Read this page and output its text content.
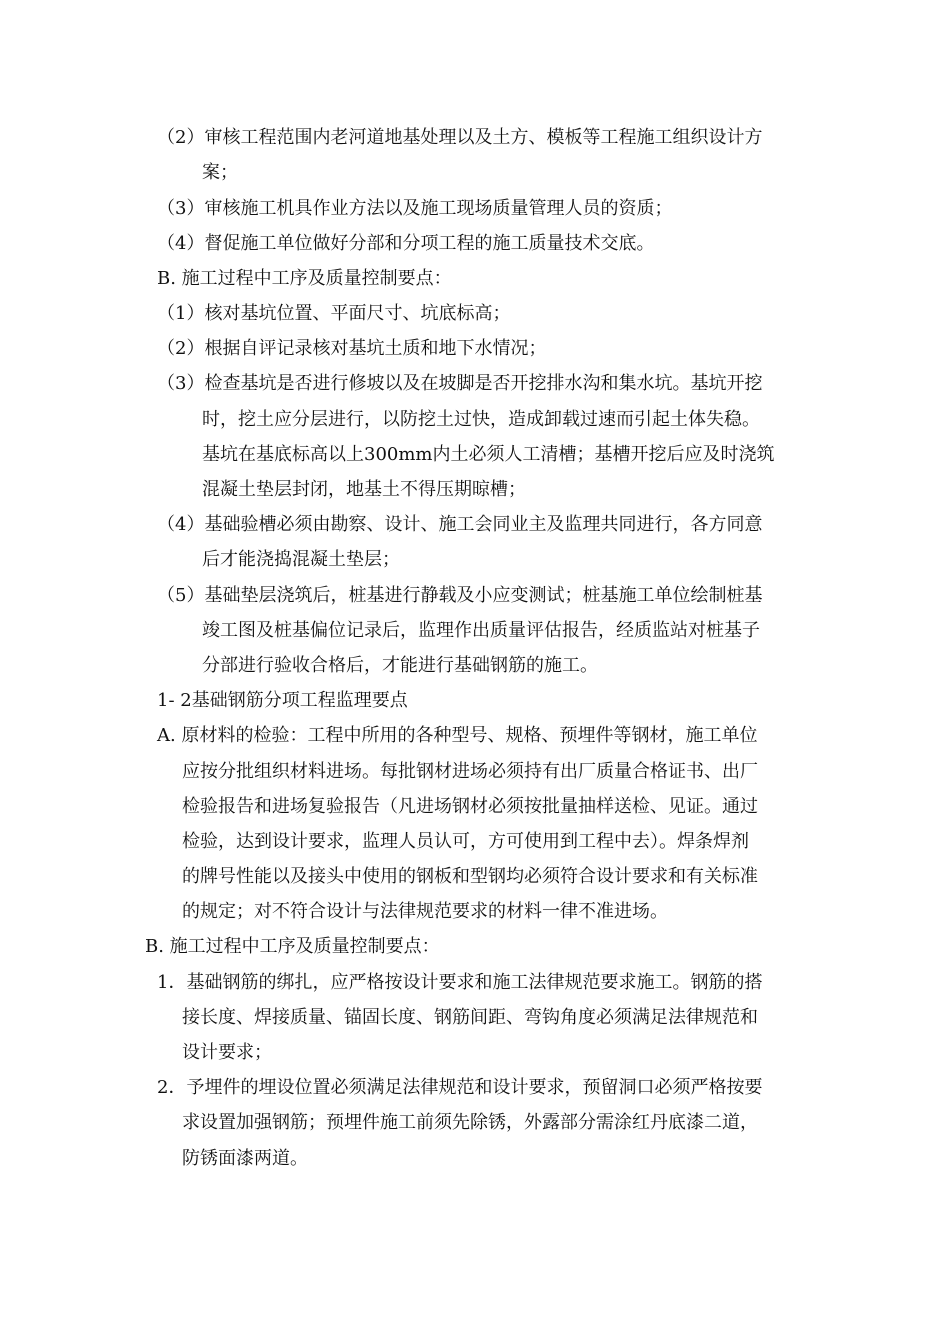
（2）审核工程范围内老河道地基处理以及土方、模板等工程施工组织设计方
案；
（3）审核施工机具作业方法以及施工现场质量管理人员的资质；
（4）督促施工单位做好分部和分项工程的施工质量技术交底。
B. 施工过程中工序及质量控制要点：
（1）核对基坑位置、平面尺寸、坑底标高；
（2）根据自评记录核对基坑土质和地下水情况；
（3）检查基坑是否进行修坡以及在坡脚是否开挖排水沟和集水坑。基坑开挖
时，挖土应分层进行，以防挖土过快，造成卸载过速而引起土体失稳。
基坑在基底标高以上300mm内土必须人工清槽；基槽开挖后应及时浇筑
混凝土垫层封闭，地基土不得压期晾槽；
（4）基础验槽必须由勘察、设计、施工会同业主及监理共同进行，各方同意
后才能浇捣混凝土垫层；
（5）基础垫层浇筑后，桩基进行静载及小应变测试；桩基施工单位绘制桩基
竣工图及桩基偏位记录后，监理作出质量评估报告，经质监站对桩基子
分部进行验收合格后，才能进行基础钢筋的施工。
1- 2基础钢筋分项工程监理要点
A. 原材料的检验：工程中所用的各种型号、规格、预埋件等钢材，施工单位
应按分批组织材料进场。每批钢材进场必须持有出厂质量合格证书、出厂
检验报告和进场复验报告（凡进场钢材必须按批量抽样送检、见证。通过
检验，达到设计要求，监理人员认可，方可使用到工程中去）。焊条焊剂
的牌号性能以及接头中使用的钢板和型钢均必须符合设计要求和有关标准
的规定；对不符合设计与法律规范要求的材料一律不准进场。
B. 施工过程中工序及质量控制要点：
1．基础钢筋的绑扎，应严格按设计要求和施工法律规范要求施工。钢筋的搭
接长度、焊接质量、锚固长度、钢筋间距、弯钩角度必须满足法律规范和
设计要求；
2．予埋件的埋设位置必须满足法律规范和设计要求，预留洞口必须严格按要
求设置加强钢筋；预埋件施工前须先除锈，外露部分需涂红丹底漆二道，
防锈面漆两道。
